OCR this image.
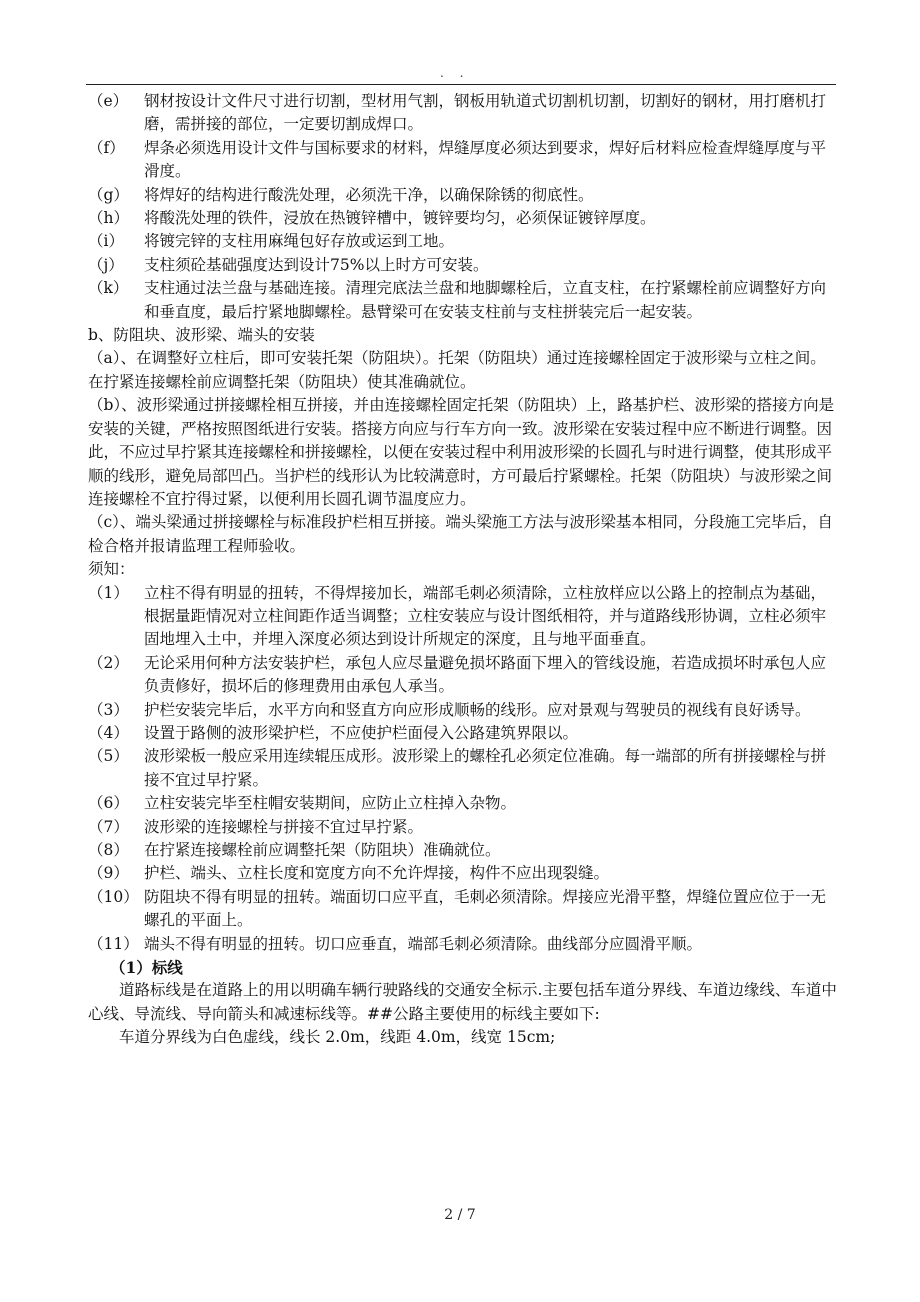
. .
（e）	钢材按设计文件尺寸进行切割，型材用气割，钢板用轨道式切割机切割，切割好的钢材，用打磨机打磨，需拼接的部位，一定要切割成焊口。
（f）	焊条必须选用设计文件与国标要求的材料，焊缝厚度必须达到要求，焊好后材料应检查焊缝厚度与平滑度。
（g） 将焊好的结构进行酸洗处理，必须洗干净，以确保除锈的彻底性。
（h） 将酸洗处理的铁件，浸放在热镀锌槽中，镀锌要均匀，必须保证镀锌厚度。
（i）	将镀完锌的支柱用麻绳包好存放或运到工地。
（j）	支柱须砼基础强度达到设计75%以上时方可安装。
（k）	支柱通过法兰盘与基础连接。清理完底法兰盘和地脚螺栓后，立直支柱，在拧紧螺栓前应调整好方向和垂直度，最后拧紧地脚螺栓。悬臂梁可在安装支柱前与支柱拼装完后一起安装。
b、防阻块、波形梁、端头的安装
（a）、在调整好立柱后，即可安装托架（防阻块）。托架（防阻块）通过连接螺栓固定于波形梁与立柱之间。在拧紧连接螺栓前应调整托架（防阻块）使其准确就位。
（b）、波形梁通过拼接螺栓相互拼接，并由连接螺栓固定托架（防阻块）上，路基护栏、波形梁的搭接方向是安装的关键，严格按照图纸进行安装。搭接方向应与行车方向一致。波形梁在安装过程中应不断进行调整。因此，不应过早拧紧其连接螺栓和拼接螺栓，以便在安装过程中利用波形梁的长圆孔与时进行调整，使其形成平顺的线形，避免局部凹凸。当护栏的线形认为比较满意时，方可最后拧紧螺栓。托架（防阻块）与波形梁之间连接螺栓不宜拧得过紧，以便利用长圆孔调节温度应力。
（c）、端头梁通过拼接螺栓与标准段护栏相互拼接。端头梁施工方法与波形梁基本相同，分段施工完毕后，自检合格并报请监理工程师验收。
须知：
（1） 立柱不得有明显的扭转，不得焊接加长，端部毛刺必须清除，立柱放样应以公路上的控制点为基础，根据量距情况对立柱间距作适当调整；立柱安装应与设计图纸相符，并与道路线形协调，立柱必须牢固地埋入土中，并埋入深度必须达到设计所规定的深度，且与地平面垂直。
（2） 无论采用何种方法安装护栏，承包人应尽量避免损坏路面下埋入的管线设施，若造成损坏时承包人应负责修好，损坏后的修理费用由承包人承当。
（3） 护栏安装完毕后，水平方向和竖直方向应形成顺畅的线形。应对景观与驾驶员的视线有良好诱导。
（4） 设置于路侧的波形梁护栏，不应使护栏面侵入公路建筑界限以。
（5） 波形梁板一般应采用连续辊压成形。波形梁上的螺栓孔必须定位准确。每一端部的所有拼接螺栓与拼接不宜过早拧紧。
（6） 立柱安装完毕至柱帽安装期间，应防止立柱掉入杂物。
（7） 波形梁的连接螺栓与拼接不宜过早拧紧。
（8） 在拧紧连接螺栓前应调整托架（防阻块）准确就位。
（9） 护栏、端头、立柱长度和宽度方向不允许焊接，构件不应出现裂缝。
（10） 防阻块不得有明显的扭转。端面切口应平直，毛刺必须清除。焊接应光滑平整，焊缝位置应位于一无螺孔的平面上。
（11） 端头不得有明显的扭转。切口应垂直，端部毛刺必须清除。曲线部分应圆滑平顺。
（1）标线
道路标线是在道路上的用以明确车辆行驶路线的交通安全标示.主要包括车道分界线、车道边缘线、车道中心线、导流线、导向箭头和减速标线等。##公路主要使用的标线主要如下:
车道分界线为白色虚线，线长 2.0m，线距 4.0m，线宽 15cm;
2 / 7
